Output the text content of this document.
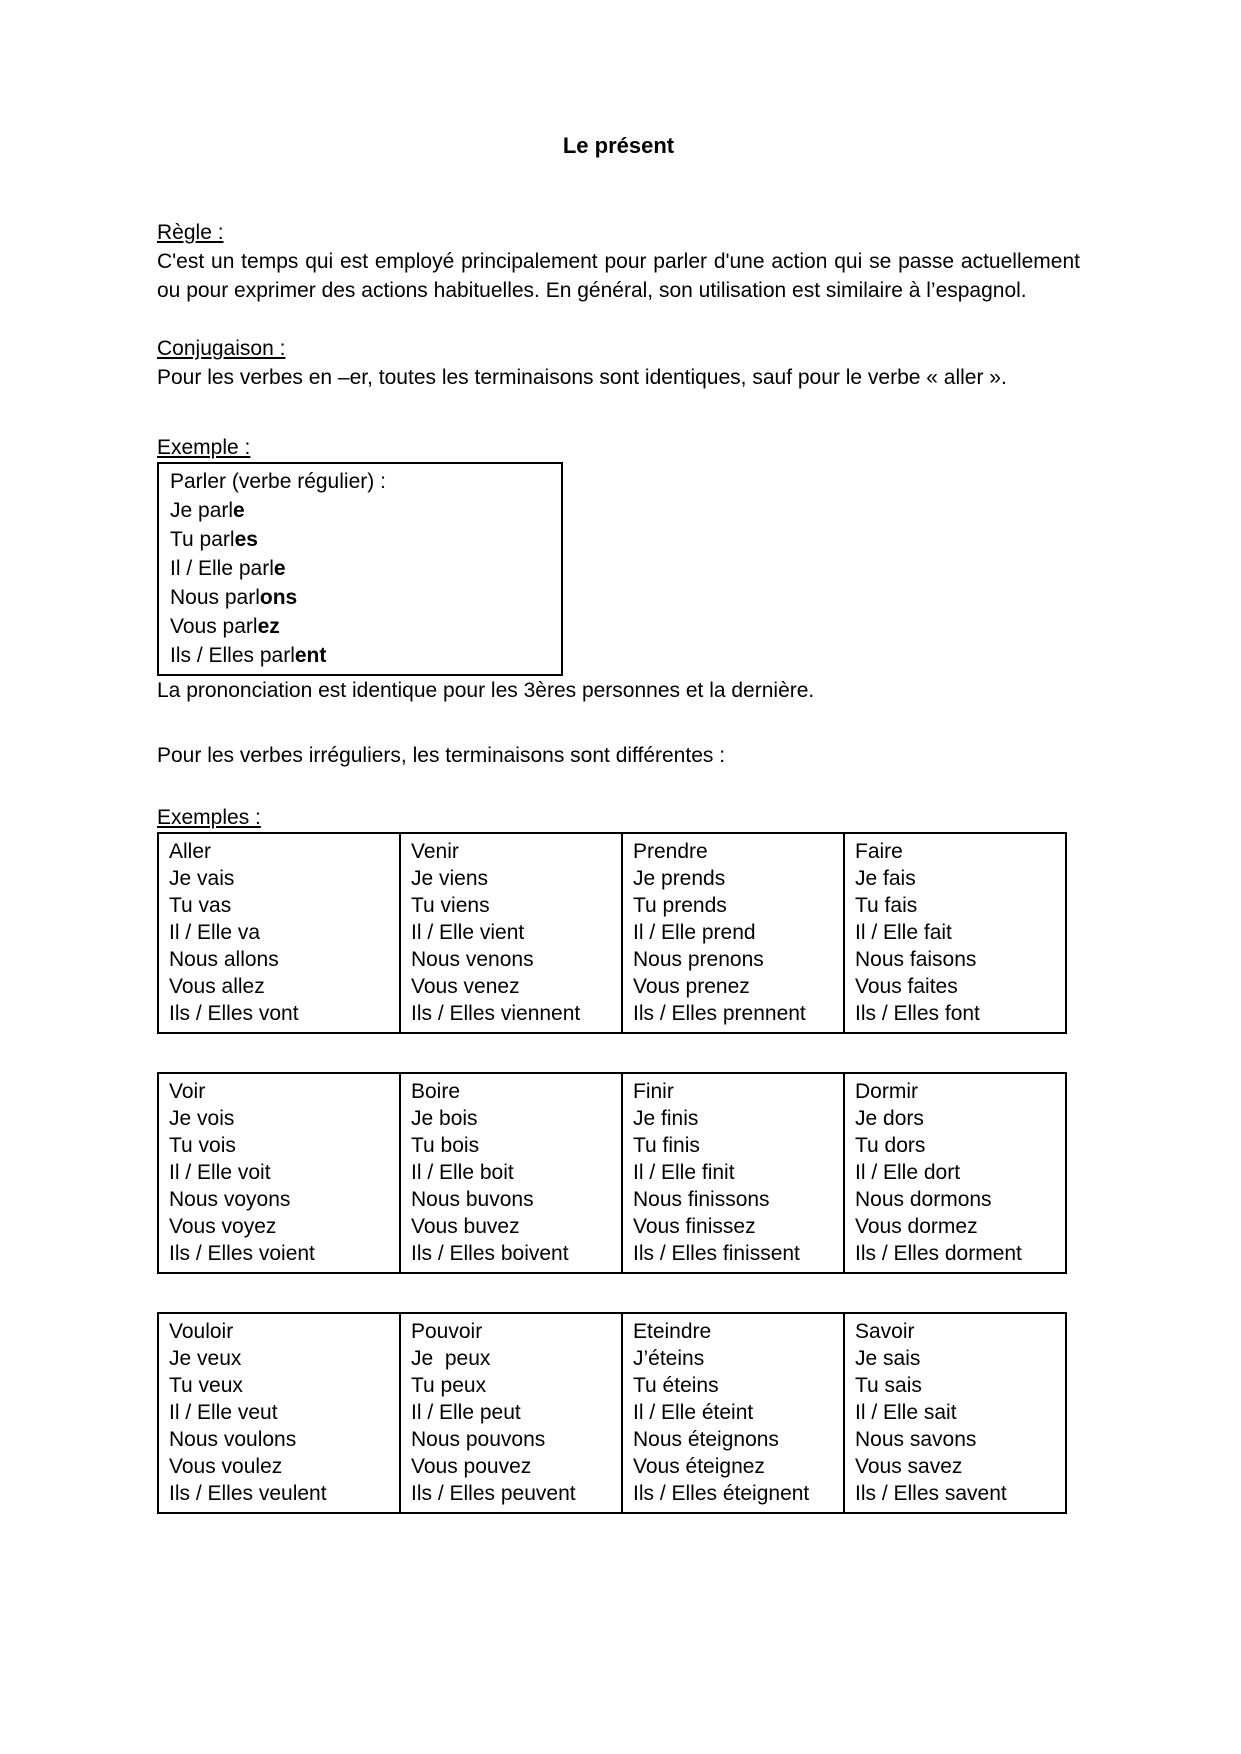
Le présent
Règle :

C'est un temps qui est employé principalement pour parler d'une action qui se passe actuellement ou pour exprimer des actions habituelles. En général, son utilisation est similaire à l’espagnol.

Conjugaison :

Pour les verbes en –er, toutes les terminaisons sont identiques, sauf pour le verbe « aller ».

Exemple :
Parler (verbe régulier) :
Je parle
Tu parles
Il / Elle parle
Nous parlons
Vous parlez
Ils / Elles parlent

La prononciation est identique pour les 3ères personnes et la dernière.

Pour les verbes irréguliers, les terminaisons sont différentes :

Exemples :
Aller
Je vais
Tu vas
Il / Elle va
Nous allons
Vous allez
Ils / Elles vont
Venir
Je viens
Tu viens
Il / Elle vient
Nous venons
Vous venez
Ils / Elles viennent
Prendre
Je prends
Tu prends
Il / Elle prend
Nous prenons
Vous prenez
Ils / Elles prennent
Faire
Je fais
Tu fais
Il / Elle fait
Nous faisons
Vous faites
Ils / Elles font
Voir
Je vois
Tu vois
Il / Elle voit
Nous voyons
Vous voyez
Ils / Elles voient
Boire
Je bois
Tu bois
Il / Elle boit
Nous buvons
Vous buvez
Ils / Elles boivent
Finir
Je finis
Tu finis
Il / Elle finit
Nous finissons
Vous finissez
Ils / Elles finissent
Dormir
Je dors
Tu dors
Il / Elle dort
Nous dormons
Vous dormez
Ils / Elles dorment
Vouloir
Je veux
Tu veux
Il / Elle veut
Nous voulons
Vous voulez
Ils / Elles veulent
Pouvoir
Je  peux
Tu peux
Il / Elle peut
Nous pouvons
Vous pouvez
Ils / Elles peuvent
Eteindre
J’éteins
Tu éteins
Il / Elle éteint
Nous éteignons
Vous éteignez
Ils / Elles éteignent
Savoir
Je sais
Tu sais
Il / Elle sait
Nous savons
Vous savez
Ils / Elles savent
